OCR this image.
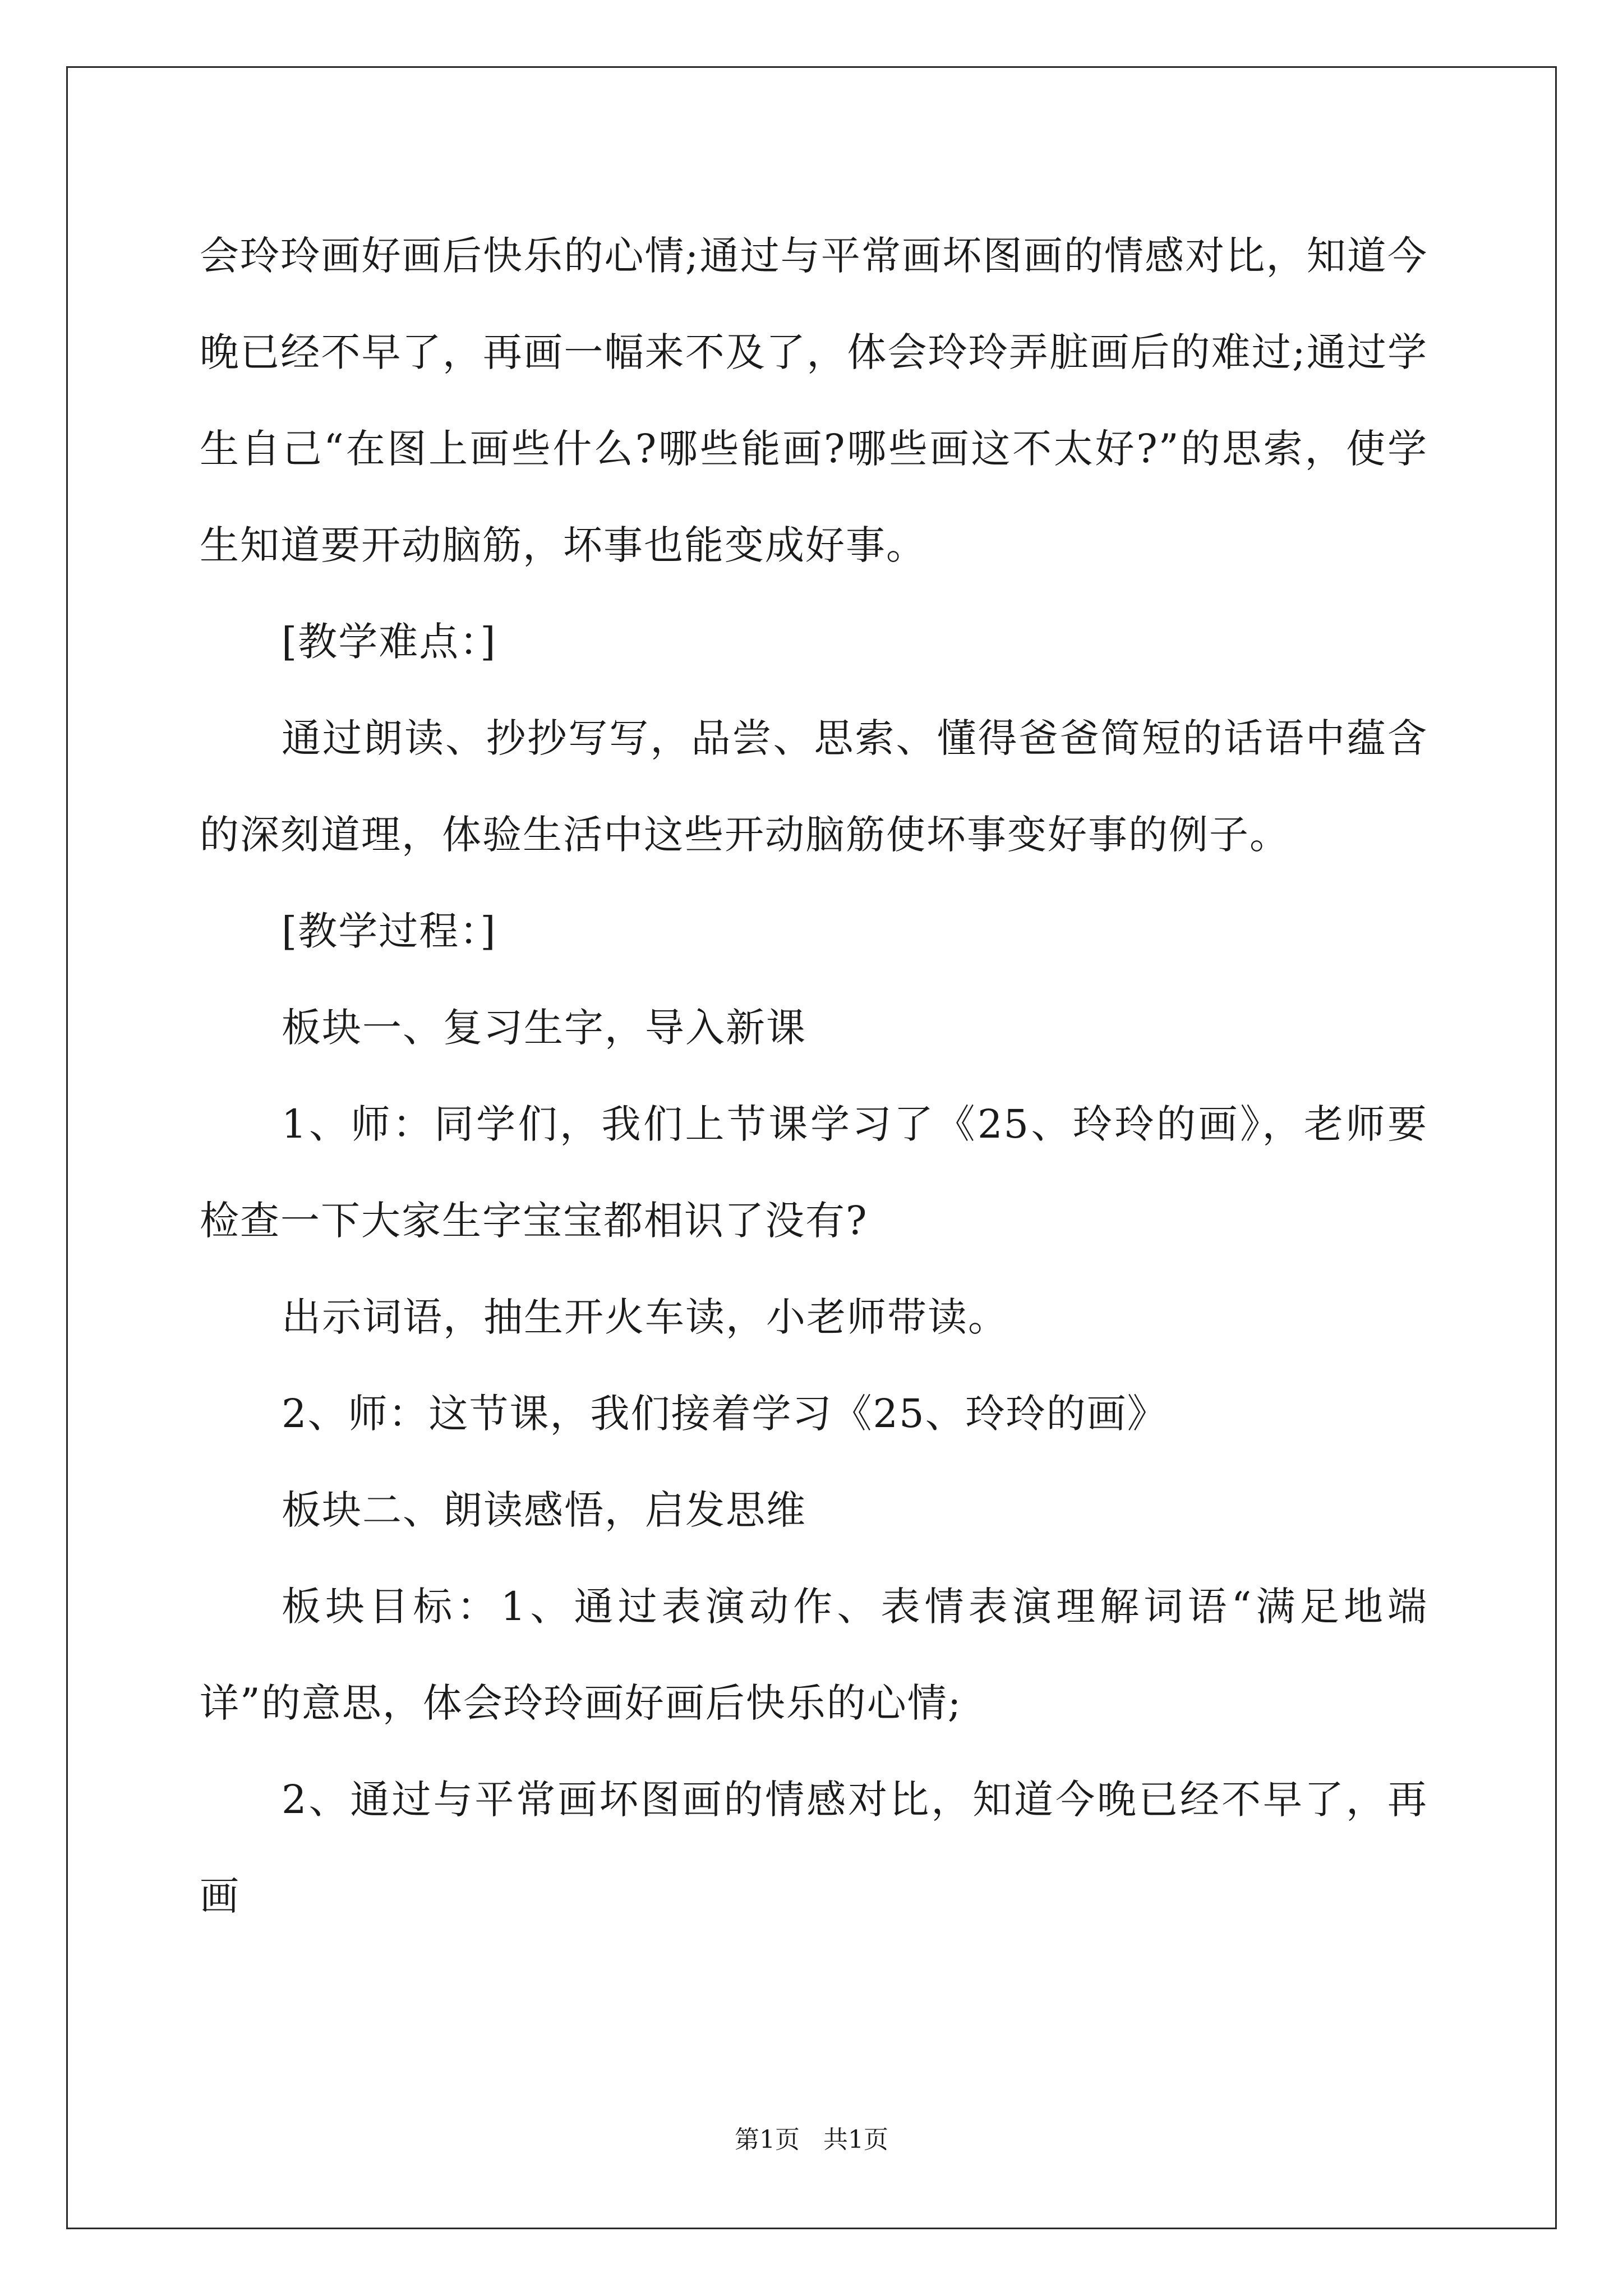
会玲玲画好画后快乐的心情;通过与平常画坏图画的情感对比，知道今晚已经不早了，再画一幅来不及了，体会玲玲弄脏画后的难过;通过学生自己“在图上画些什么?哪些能画?哪些画这不太好?”的思索，使学生知道要开动脑筋，坏事也能变成好事。

[教学难点：]

通过朗读、抄抄写写，品尝、思索、懂得爸爸简短的话语中蕴含的深刻道理，体验生活中这些开动脑筋使坏事变好事的例子。

[教学过程：]

板块一、复习生字，导入新课

1、师：同学们，我们上节课学习了《25、玲玲的画》，老师要检查一下大家生字宝宝都相识了没有?

出示词语，抽生开火车读，小老师带读。

2、师：这节课，我们接着学习《25、玲玲的画》

板块二、朗读感悟，启发思维

板块目标：1、通过表演动作、表情表演理解词语“满足地端详”的意思，体会玲玲画好画后快乐的心情;

2、通过与平常画坏图画的情感对比，知道今晚已经不早了，再画

第1页 共1页
